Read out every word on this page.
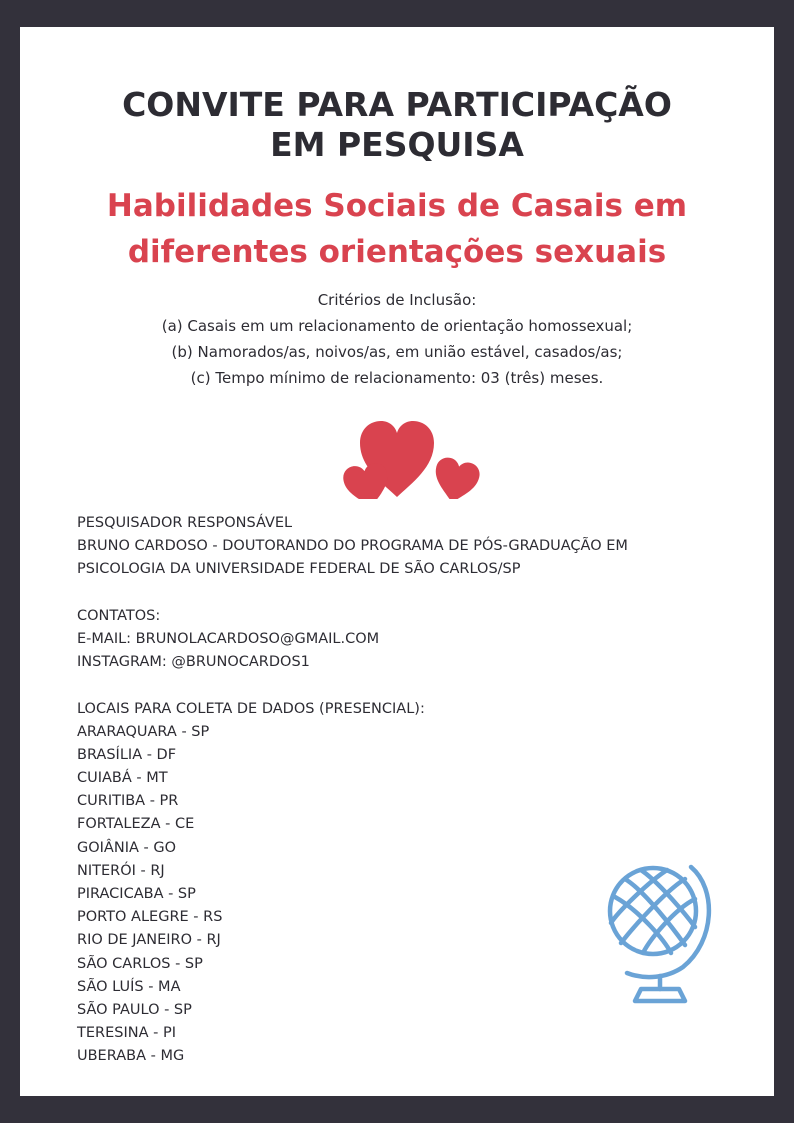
CONVITE PARA PARTICIPAÇÃO
EM PESQUISA
Habilidades Sociais de Casais em
diferentes orientações sexuais
Critérios de Inclusão:
(a) Casais em um relacionamento de orientação homossexual;
(b) Namorados/as, noivos/as, em união estável, casados/as;
(c) Tempo mínimo de relacionamento: 03 (três) meses.
PESQUISADOR RESPONSÁVEL
BRUNO CARDOSO - DOUTORANDO DO PROGRAMA DE PÓS-GRADUAÇÃO EM
PSICOLOGIA DA UNIVERSIDADE FEDERAL DE SÃO CARLOS/SP
CONTATOS:
E-MAIL: BRUNOLACARDOSO@GMAIL.COM
INSTAGRAM: @BRUNOCARDOS1
LOCAIS PARA COLETA DE DADOS (PRESENCIAL):
ARARAQUARA - SP
BRASÍLIA - DF
CUIABÁ - MT
CURITIBA - PR
FORTALEZA - CE
GOIÂNIA - GO
NITERÓI - RJ
PIRACICABA - SP
PORTO ALEGRE - RS
RIO DE JANEIRO - RJ
SÃO CARLOS - SP
SÃO LUÍS - MA
SÃO PAULO - SP
TERESINA - PI
UBERABA - MG
